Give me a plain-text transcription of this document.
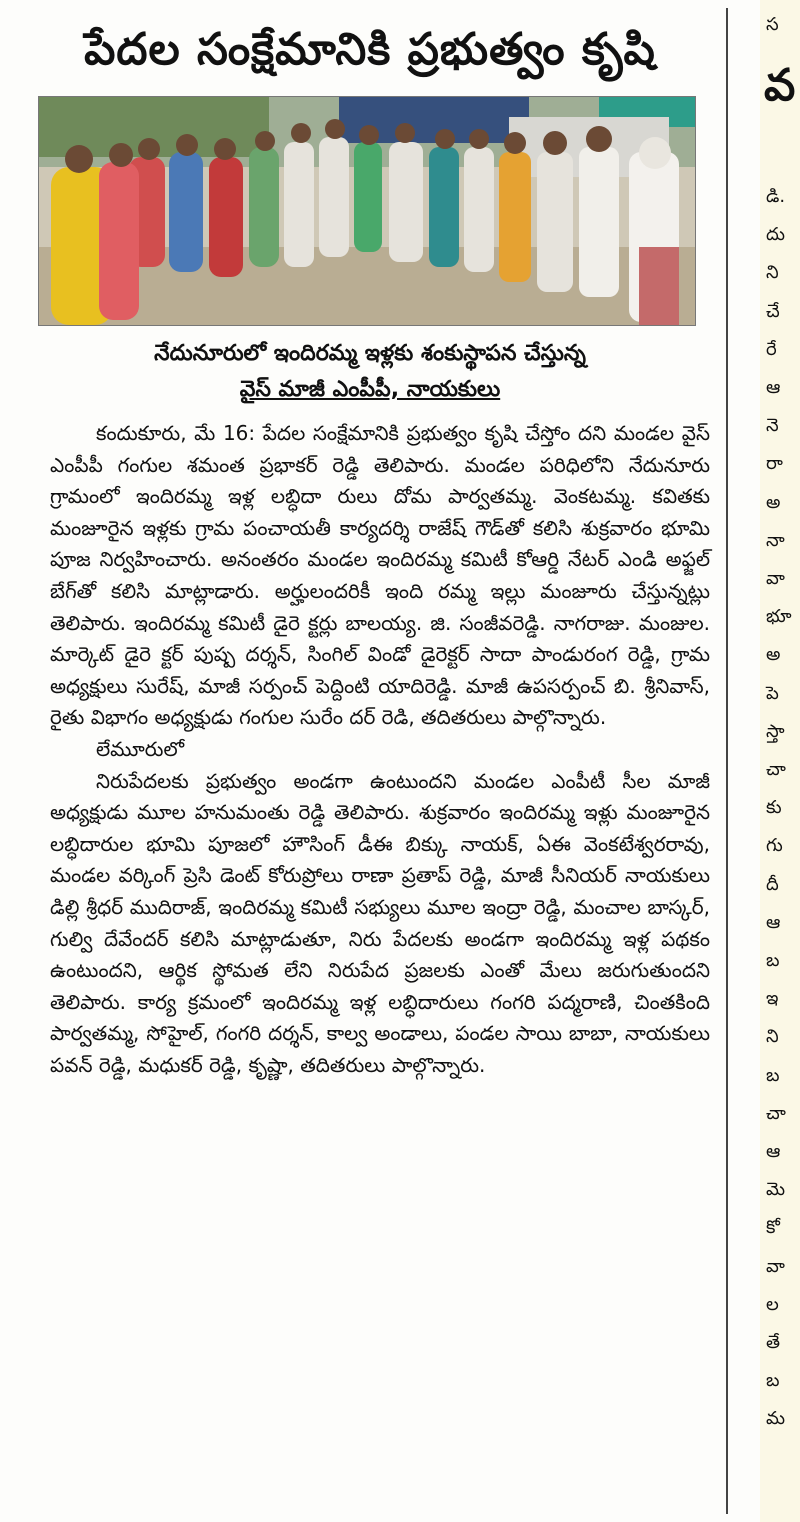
పేదల సంక్షేమానికి ప్రభుత్వం కృషి
నేదునూరులో ఇందిరమ్మ ఇళ్లకు శంకుస్థాపన చేస్తున్న
వైస్ మాజీ ఎంపీపీ, నాయకులు

కందుకూరు, మే 16: పేదల సంక్షేమానికి ప్రభుత్వం కృషి చేస్తోం దని మండల వైస్ ఎంపీపీ గంగుల శమంత ప్రభాకర్ రెడ్డి తెలిపారు. మండల పరిధిలోని నేదునూరు గ్రామంలో ఇందిరమ్మ ఇళ్ల లబ్ధిదా రులు దోమ పార్వతమ్మ. వెంకటమ్మ. కవితకు మంజూరైన ఇళ్లకు గ్రామ పంచాయతీ కార్యదర్శి రాజేష్ గౌడ్‌తో కలిసి శుక్రవారం భూమి పూజ నిర్వహించారు. అనంతరం మండల ఇందిరమ్మ కమిటీ కోఆర్డి నేటర్ ఎండి అఫ్జల్ బేగ్‌తో కలిసి మాట్లాడారు. అర్హులందరికీ ఇంది రమ్మ ఇల్లు మంజూరు చేస్తున్నట్లు తెలిపారు. ఇందిరమ్మ కమిటీ డైరె క్టర్లు బాలయ్య. జి. సంజీవరెడ్డి. నాగరాజు. మంజుల. మార్కెట్ డైరె క్టర్ పుష్ప దర్శన్, సింగిల్ విండో డైరెక్టర్ సాదా పాండురంగ రెడ్డి, గ్రామ అధ్యక్షులు సురేష్, మాజీ సర్పంచ్ పెద్దింటి యాదిరెడ్డి. మాజీ ఉపసర్పంచ్ బి. శ్రీనివాస్, రైతు విభాగం అధ్యక్షుడు గంగుల సురేం దర్ రెడి, తదితరులు పాల్గొన్నారు.

లేమూరులో

నిరుపేదలకు ప్రభుత్వం అండగా ఉంటుందని మండల ఎంపీటీ సీల మాజీ అధ్యక్షుడు మూల హనుమంతు రెడ్డి తెలిపారు. శుక్రవారం ఇందిరమ్మ ఇళ్లు మంజూరైన లబ్ధిదారుల భూమి పూజలో హౌసింగ్ డీఈ బిక్కు నాయక్, ఏఈ వెంకటేశ్వరరావు, మండల వర్కింగ్ ప్రెసి డెంట్ కోరుప్రోలు రాణా ప్రతాప్ రెడ్డి, మాజీ సీనియర్ నాయకులు డిల్లి శ్రీధర్ ముదిరాజ్, ఇందిరమ్మ కమిటీ సభ్యులు మూల ఇంద్రా రెడ్డి, మంచాల బాస్కర్, గుల్వి దేవేందర్ కలిసి మాట్లాడుతూ, నిరు పేదలకు అండగా ఇందిరమ్మ ఇళ్ల పథకం ఉంటుందని, ఆర్థిక స్థోమత లేని నిరుపేద ప్రజలకు ఎంతో మేలు జరుగుతుందని తెలిపారు. కార్య క్రమంలో ఇందిరమ్మ ఇళ్ల లబ్ధిదారులు గంగరి పద్మరాణి, చింతకింది పార్వతమ్మ, సోహైల్, గంగరి దర్శన్, కాల్వ అండాలు, పండల సాయి బాబా, నాయకులు పవన్ రెడ్డి, మధుకర్ రెడ్డి, కృష్ణా, తదితరులు పాల్గొన్నారు.

స
వ
డి.
దు
ని
చే
రే
ఆ
నె
రా
అ
నా
వా
భూ
అ
పె
స్తా
చా
కు
గు
దీ
ఆ
బ
ఇ
ని
బ
చా
ఆ
మె
కో
వా
ల
తే
బ
మ
